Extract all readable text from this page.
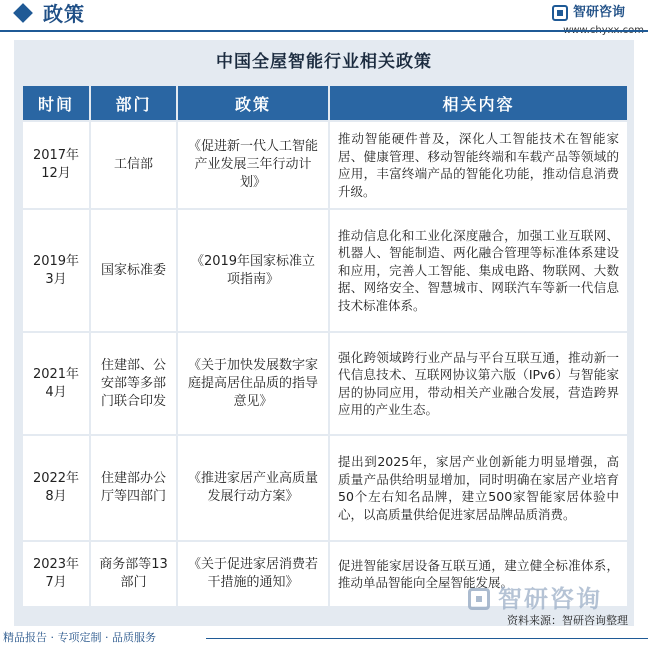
政策	智研咨询
中国全屋智能行业相关政策
时间	部门	政策	相关内容
2017年12月	工信部	《促进新一代人工智能产业发展三年行动计划》	推动智能硬件普及，深化人工智能技术在智能家居、健康管理、移动智能终端和车载产品等领域的应用，丰富终端产品的智能化功能，推动信息消费升级。
2019年3月	国家标准委	《2019年国家标准立项指南》	推动信息化和工业化深度融合，加强工业互联网、机器人、智能制造、两化融合管理等标准体系建设和应用，完善人工智能、集成电路、物联网、大数据、网络安全、智慧城市、网联汽车等新一代信息技术标准体系。
2021年4月	住建部、公安部等多部门联合印发	《关于加快发展数字家庭提高居住品质的指导意见》	强化跨领域跨行业产品与平台互联互通，推动新一代信息技术、互联网协议第六版（IPv6）与智能家居的协同应用，带动相关产业融合发展，营造跨界应用的产业生态。
2022年8月	住建部办公厅等四部门	《推进家居产业高质量发展行动方案》	提出到2025年，家居产业创新能力明显增强，高质量产品供给明显增加，同时明确在家居产业培育50个左右知名品牌，建立500家智能家居体验中心，以高质量供给促进家居品牌品质消费。
2023年7月	商务部等13部门	《关于促进家居消费若干措施的通知》	促进智能家居设备互联互通，建立健全标准体系，推动单品智能向全屋智能发展。
智研咨询
资料来源：智研咨询整理
精品报告 · 专项定制 · 品质服务
